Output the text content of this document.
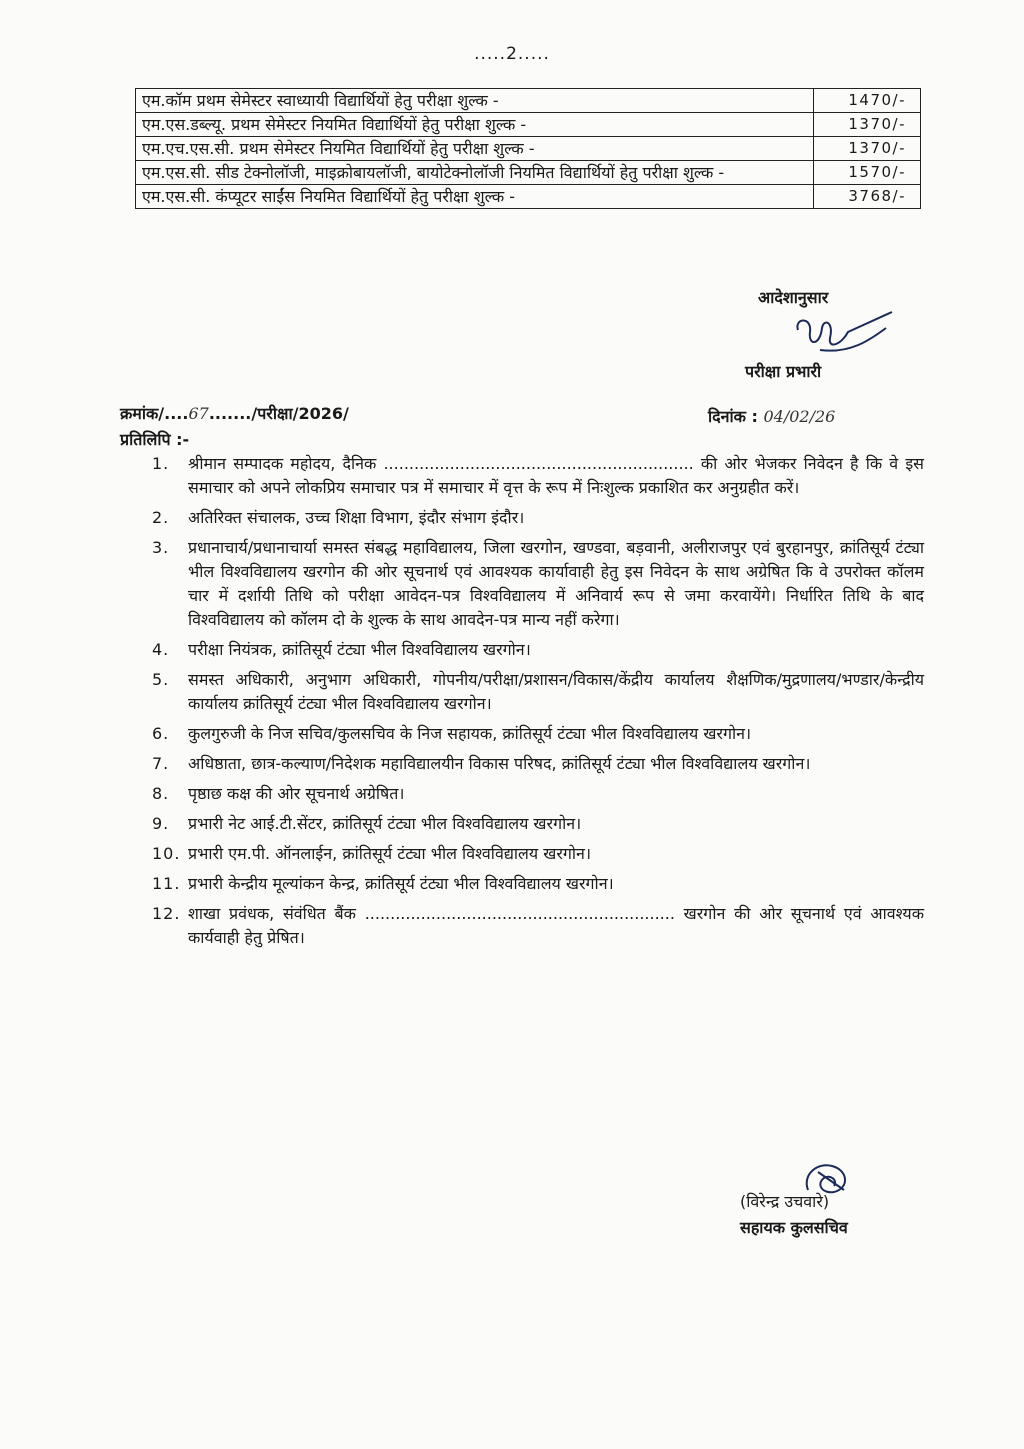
.....2.....
एम.कॉम प्रथम सेमेस्टर स्वाध्यायी विद्यार्थियों हेतु परीक्षा शुल्क -	1470/-
एम.एस.डब्ल्यू. प्रथम सेमेस्टर नियमित विद्यार्थियों हेतु परीक्षा शुल्क -	1370/-
एम.एच.एस.सी. प्रथम सेमेस्टर नियमित विद्यार्थियों हेतु परीक्षा शुल्क -	1370/-
एम.एस.सी. सीड टेक्नोलॉजी, माइक्रोबायलॉजी, बायोटेक्नोलॉजी नियमित विद्यार्थियों हेतु परीक्षा शुल्क -	1570/-
एम.एस.सी. कंप्यूटर साईंस नियमित विद्यार्थियों हेतु परीक्षा शुल्क -	3768/-
आदेशानुसार
परीक्षा प्रभारी
क्रमांक/....67......./परीक्षा/2026/	दिनांक : 04/02/26
प्रतिलिपि :-
1.	श्रीमान सम्पादक महोदय, दैनिक ............................................................. की ओर भेजकर निवेदन है कि वे इस समाचार को अपने लोकप्रिय समाचार पत्र में समाचार में वृत्त के रूप में निःशुल्क प्रकाशित कर अनुग्रहीत करें।
2.	अतिरिक्त संचालक, उच्च शिक्षा विभाग, इंदौर संभाग इंदौर।
3.	प्रधानाचार्य/प्रधानाचार्या समस्त संबद्ध महाविद्यालय, जिला खरगोन, खण्डवा, बड़वानी, अलीराजपुर एवं बुरहानपुर, क्रांतिसूर्य टंट्या भील विश्वविद्यालय खरगोन की ओर सूचनार्थ एवं आवश्यक कार्यावाही हेतु इस निवेदन के साथ अग्रेषित कि वे उपरोक्त कॉलम चार में दर्शायी तिथि को परीक्षा आवेदन-पत्र विश्वविद्यालय में अनिवार्य रूप से जमा करवायेंगे। निर्धारित तिथि के बाद विश्वविद्यालय को कॉलम दो के शुल्क के साथ आवदेन-पत्र मान्य नहीं करेगा।
4.	परीक्षा नियंत्रक, क्रांतिसूर्य टंट्या भील विश्वविद्यालय खरगोन।
5.	समस्त अधिकारी, अनुभाग अधिकारी, गोपनीय/परीक्षा/प्रशासन/विकास/केंद्रीय कार्यालय शैक्षणिक/मुद्रणालय/भण्डार/केन्द्रीय कार्यालय क्रांतिसूर्य टंट्या भील विश्वविद्यालय खरगोन।
6.	कुलगुरुजी के निज सचिव/कुलसचिव के निज सहायक, क्रांतिसूर्य टंट्या भील विश्वविद्यालय खरगोन।
7.	अधिष्ठाता, छात्र-कल्याण/निदेशक महाविद्यालयीन विकास परिषद, क्रांतिसूर्य टंट्या भील विश्वविद्यालय खरगोन।
8.	पृष्ठाछ कक्ष की ओर सूचनार्थ अग्रेषित।
9.	प्रभारी नेट आई.टी.सेंटर, क्रांतिसूर्य टंट्या भील विश्वविद्यालय खरगोन।
10. प्रभारी एम.पी. ऑनलाईन, क्रांतिसूर्य टंट्या भील विश्वविद्यालय खरगोन।
11. प्रभारी केन्द्रीय मूल्यांकन केन्द्र, क्रांतिसूर्य टंट्या भील विश्वविद्यालय खरगोन।
12. शाखा प्रवंधक, संवंधित बैंक ............................................................. खरगोन की ओर सूचनार्थ एवं आवश्यक कार्यवाही हेतु प्रेषित।
(विरेन्द्र उचवारे)
सहायक कुलसचिव
